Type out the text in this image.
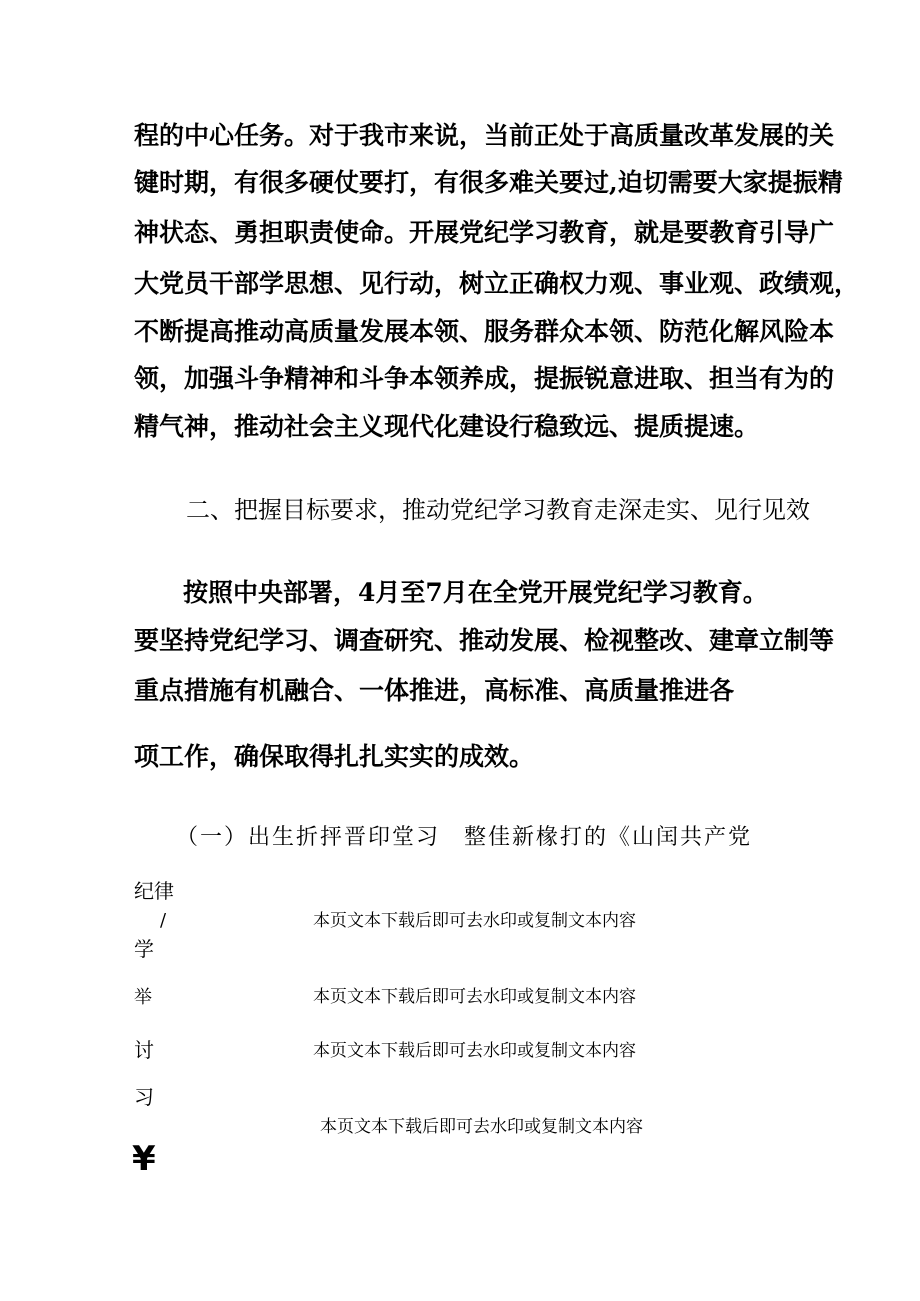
程的中心任务。对于我市来说，当前正处于高质量改革发展的关
键时期，有很多硬仗要打，有很多难关要过,迫切需要大家提振精
神状态、勇担职责使命。开展党纪学习教育，就是要教育引导广
大党员干部学思想、见行动，树立正确权力观、事业观、政绩观，
不断提高推动高质量发展本领、服务群众本领、防范化解风险本
领，加强斗争精神和斗争本领养成，提振锐意进取、担当有为的
精气神，推动社会主义现代化建设行稳致远、提质提速。
二、把握目标要求，推动党纪学习教育走深走实、见行见效
按照中央部署，4月至7月在全党开展党纪学习教育。
要坚持党纪学习、调查研究、推动发展、检视整改、建章立制等
重点措施有机融合、一体推进，高标准、高质量推进各
项工作，确保取得扎扎实实的成效。
（一）出生折抨晋印堂习　整佳新椽打的《山闰共产党
纪律
/
学
举
讨
习
¥
本页文本下载后即可去水印或复制文本内容
本页文本下载后即可去水印或复制文本内容
本页文本下载后即可去水印或复制文本内容
本页文本下载后即可去水印或复制文本内容
